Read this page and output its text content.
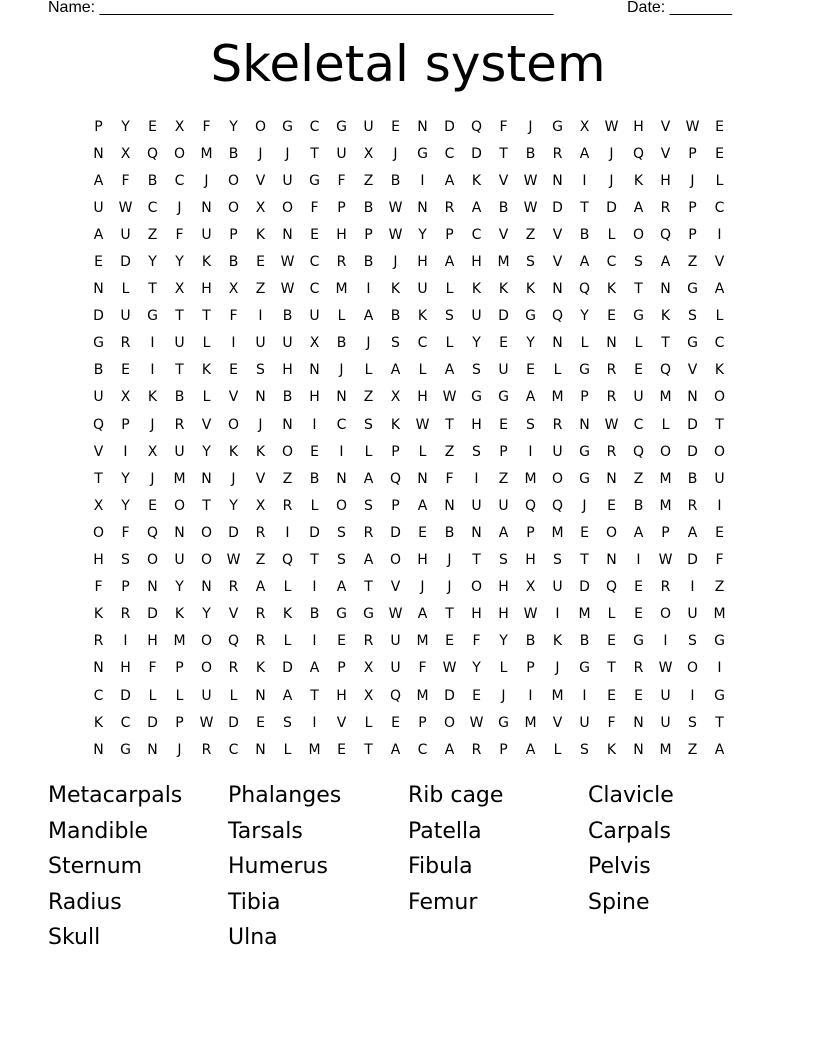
Name: ___________________________________________________	Date: _______
Skeletal system
P	Y	E	X	F	Y	O	G	C	G	U	E	N	D	Q	F	J	G	X	W	H	V	W	E
N	X	Q	O	M	B	J	J	T	U	X	J	G	C	D	T	B	R	A	J	Q	V	P	E
A	F	B	C	J	O	V	U	G	F	Z	B	I	A	K	V	W	N	I	J	K	H	J	L
U	W	C	J	N	O	X	O	F	P	B	W	N	R	A	B	W	D	T	D	A	R	P	C
A	U	Z	F	U	P	K	N	E	H	P	W	Y	P	C	V	Z	V	B	L	O	Q	P	I
E	D	Y	Y	K	B	E	W	C	R	B	J	H	A	H	M	S	V	A	C	S	A	Z	V
N	L	T	X	H	X	Z	W	C	M	I	K	U	L	K	K	K	N	Q	K	T	N	G	A
D	U	G	T	T	F	I	B	U	L	A	B	K	S	U	D	G	Q	Y	E	G	K	S	L
G	R	I	U	L	I	U	U	X	B	J	S	C	L	Y	E	Y	N	L	N	L	T	G	C
B	E	I	T	K	E	S	H	N	J	L	A	L	A	S	U	E	L	G	R	E	Q	V	K
U	X	K	B	L	V	N	B	H	N	Z	X	H	W	G	G	A	M	P	R	U	M	N	O
Q	P	J	R	V	O	J	N	I	C	S	K	W	T	H	E	S	R	N	W	C	L	D	T
V	I	X	U	Y	K	K	O	E	I	L	P	L	Z	S	P	I	U	G	R	Q	O	D	O
T	Y	J	M	N	J	V	Z	B	N	A	Q	N	F	I	Z	M	O	G	N	Z	M	B	U
X	Y	E	O	T	Y	X	R	L	O	S	P	A	N	U	U	Q	Q	J	E	B	M	R	I
O	F	Q	N	O	D	R	I	D	S	R	D	E	B	N	A	P	M	E	O	A	P	A	E
H	S	O	U	O	W	Z	Q	T	S	A	O	H	J	T	S	H	S	T	N	I	W	D	F
F	P	N	Y	N	R	A	L	I	A	T	V	J	J	O	H	X	U	D	Q	E	R	I	Z
K	R	D	K	Y	V	R	K	B	G	G	W	A	T	H	H	W	I	M	L	E	O	U	M
R	I	H	M	O	Q	R	L	I	E	R	U	M	E	F	Y	B	K	B	E	G	I	S	G
N	H	F	P	O	R	K	D	A	P	X	U	F	W	Y	L	P	J	G	T	R	W	O	I
C	D	L	L	U	L	N	A	T	H	X	Q	M	D	E	J	I	M	I	E	E	U	I	G
K	C	D	P	W	D	E	S	I	V	L	E	P	O	W	G	M	V	U	F	N	U	S	T
N	G	N	J	R	C	N	L	M	E	T	A	C	A	R	P	A	L	S	K	N	M	Z	A
Metacarpals	Phalanges	Rib cage	Clavicle
Mandible	Tarsals	Patella	Carpals
Sternum	Humerus	Fibula	Pelvis
Radius	Tibia	Femur	Spine
Skull	Ulna
